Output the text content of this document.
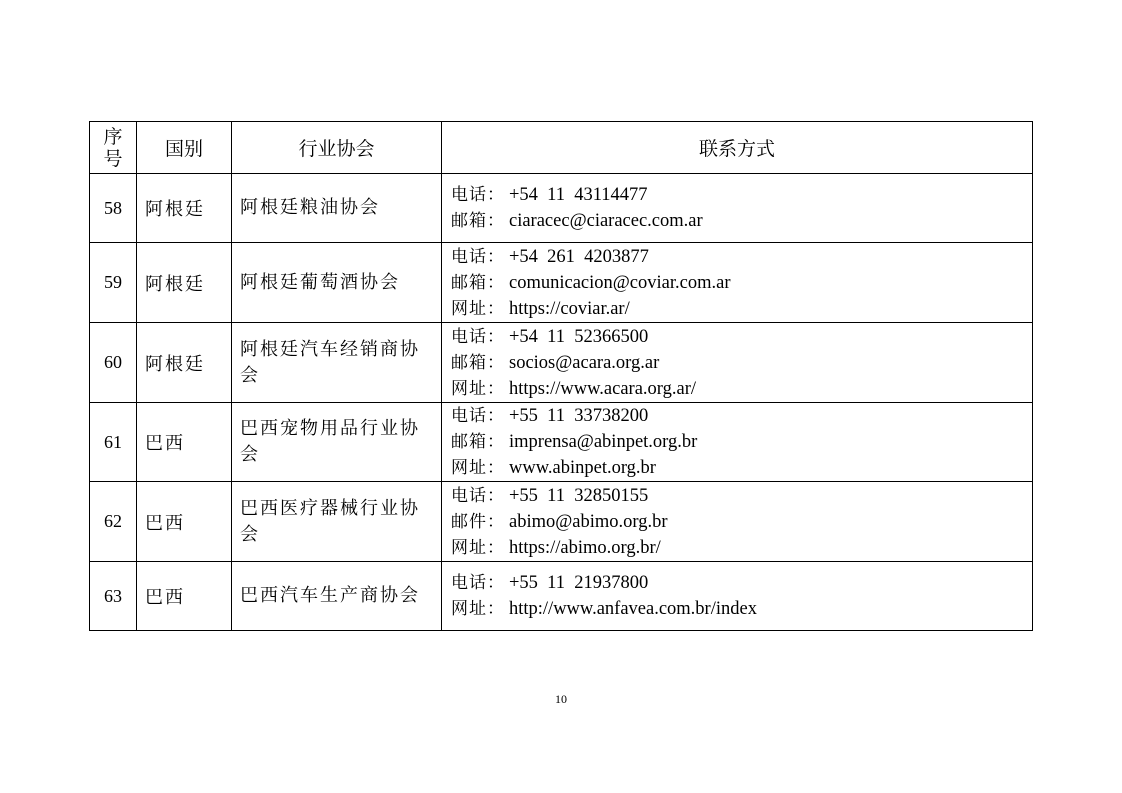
序
号	国别	行业协会	联系方式
58	阿根廷	阿根廷粮油协会	电话： +54  11  43114477
邮箱： ciaracec@ciaracec.com.ar

59	阿根廷	阿根廷葡萄酒协会	电话： +54  261  4203877
邮箱： comunicacion@coviar.com.ar
网址： https://coviar.ar/

60	阿根廷	阿根廷汽车经销商协会	电话： +54  11  52366500
邮箱： socios@acara.org.ar
网址： https://www.acara.org.ar/

61	巴西	巴西宠物用品行业协会	电话： +55  11  33738200
邮箱： imprensa@abinpet.org.br
网址： www.abinpet.org.br

62	巴西	巴西医疗器械行业协会	电话： +55  11  32850155
邮件： abimo@abimo.org.br
网址： https://abimo.org.br/

63	巴西	巴西汽车生产商协会	电话： +55  11  21937800
网址： http://www.anfavea.com.br/index
10
